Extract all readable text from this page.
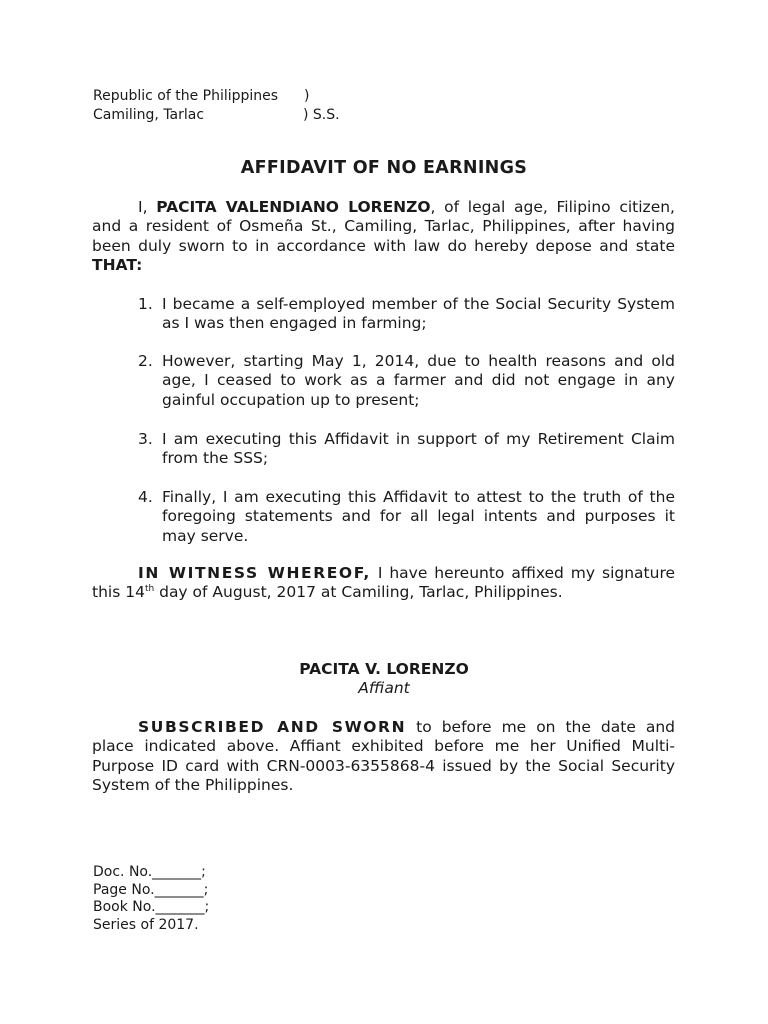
Republic of the Philippines )
Camiling, Tarlac	) S.S.
AFFIDAVIT OF NO EARNINGS
I, PACITA VALENDIANO LORENZO, of legal age, Filipino citizen, and a resident of Osmeña St., Camiling, Tarlac, Philippines, after having been duly sworn to in accordance with law do hereby depose and state THAT:
1. I became a self-employed member of the Social Security System as I was then engaged in farming;
2. However, starting May 1, 2014, due to health reasons and old age, I ceased to work as a farmer and did not engage in any gainful occupation up to present;
3. I am executing this Affidavit in support of my Retirement Claim from the SSS;
4. Finally, I am executing this Affidavit to attest to the truth of the foregoing statements and for all legal intents and purposes it may serve.
IN WITNESS WHEREOF, I have hereunto affixed my signature this 14th day of August, 2017 at Camiling, Tarlac, Philippines.
PACITA V. LORENZO
Affiant
SUBSCRIBED AND SWORN to before me on the date and place indicated above. Affiant exhibited before me her Unified Multi-Purpose ID card with CRN-0003-6355868-4 issued by the Social Security System of the Philippines.
Doc. No._______;
Page No._______;
Book No._______;
Series of 2017.
